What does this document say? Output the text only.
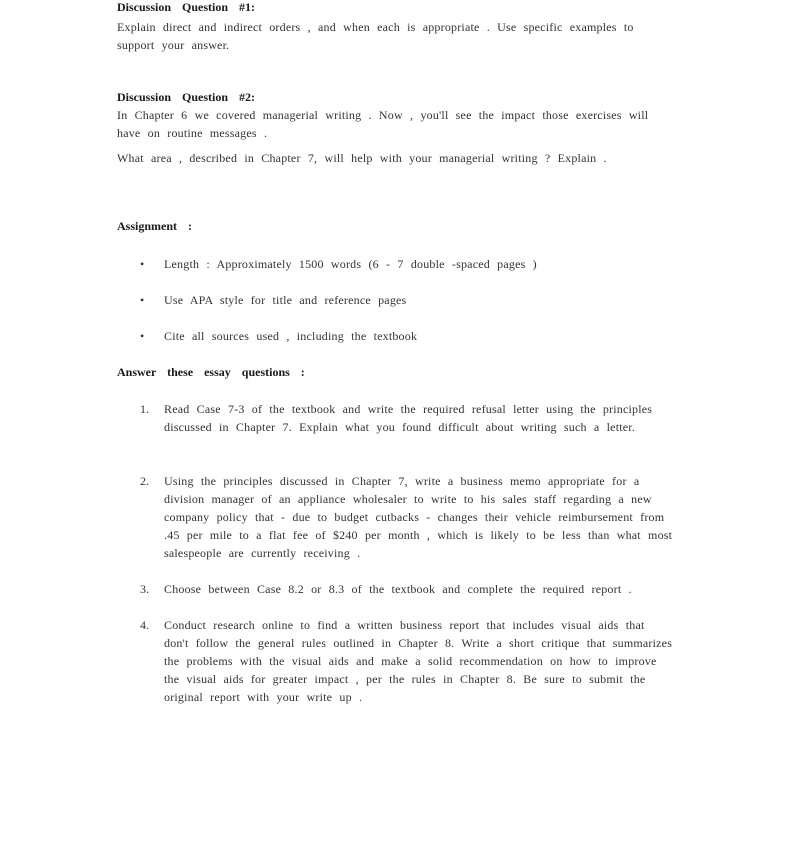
Discussion Question #1:
Explain direct and indirect orders , and when each is appropriate . Use specific examples to support your answer.
Discussion Question #2:
In Chapter 6 we covered managerial writing . Now , you'll see the impact those exercises will have on routine messages .
What area , described in Chapter 7, will help with your managerial writing ? Explain .
Assignment :
•	Length : Approximately 1500 words (6 - 7 double -spaced pages )
•	Use APA style for title and reference pages
•	Cite all sources used , including the textbook
Answer these essay questions :
1.	Read Case 7-3 of the textbook and write the required refusal letter using the principles discussed in Chapter 7. Explain what you found difficult about writing such a letter.
2.	Using the principles discussed in Chapter 7, write a business memo appropriate for a division manager of an appliance wholesaler to write to his sales staff regarding a new company policy that - due to budget cutbacks - changes their vehicle reimbursement from .45 per mile to a flat fee of $240 per month , which is likely to be less than what most salespeople are currently receiving .
3.	Choose between Case 8.2 or 8.3 of the textbook and complete the required report .
4.	Conduct research online to find a written business report that includes visual aids that don't follow the general rules outlined in Chapter 8. Write a short critique that summarizes the problems with the visual aids and make a solid recommendation on how to improve the visual aids for greater impact , per the rules in Chapter 8. Be sure to submit the original report with your write up .
